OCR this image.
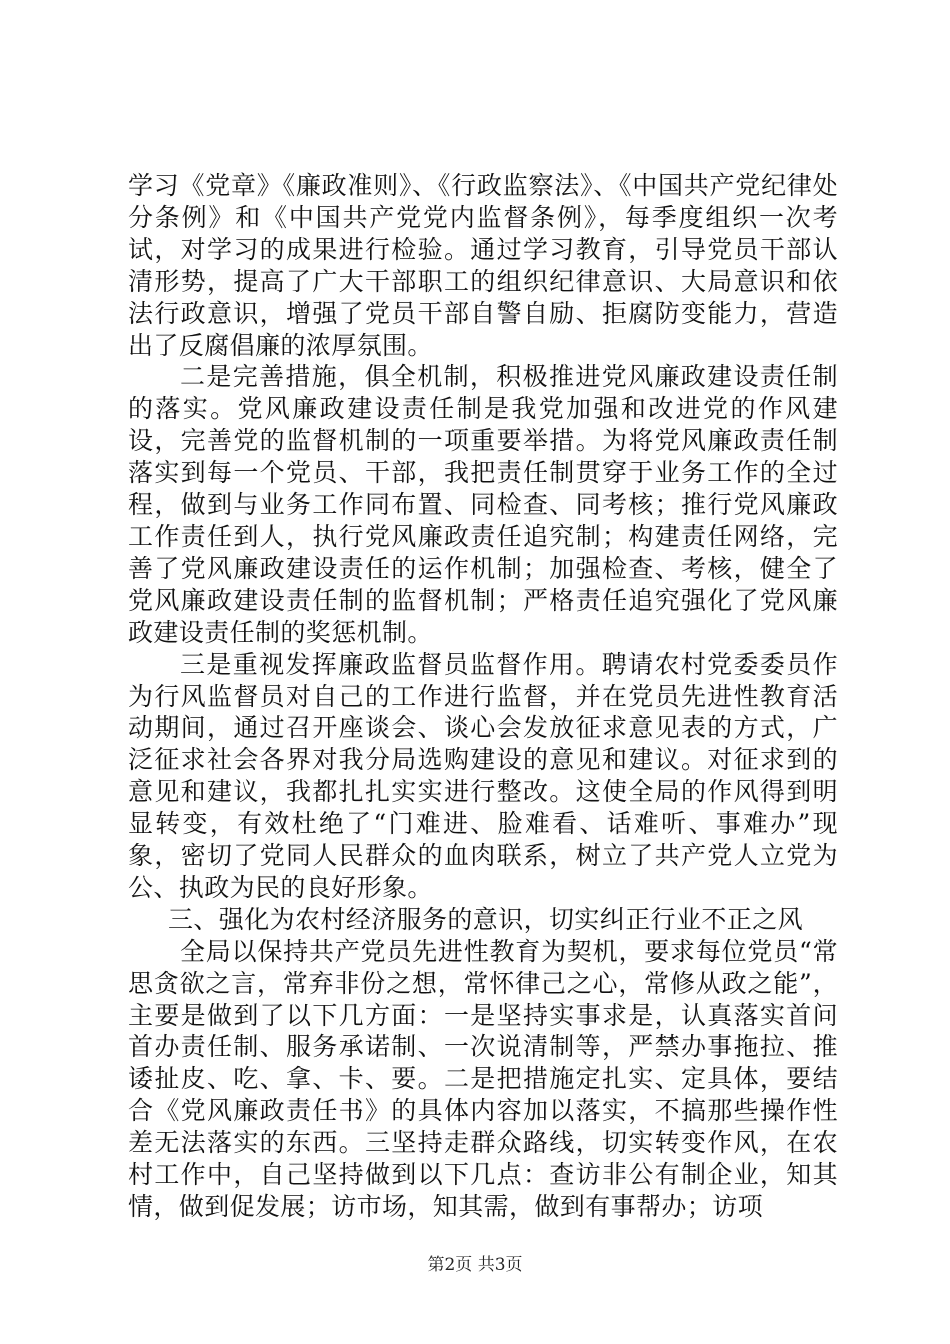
学习《党章》《廉政准则》、《行政监察法》、《中国共产党纪律处分条例》和《中国共产党党内监督条例》，每季度组织一次考试，对学习的成果进行检验。通过学习教育，引导党员干部认清形势，提高了广大干部职工的组织纪律意识、大局意识和依法行政意识，增强了党员干部自警自励、拒腐防变能力，营造出了反腐倡廉的浓厚氛围。

二是完善措施，俱全机制，积极推进党风廉政建设责任制的落实。党风廉政建设责任制是我党加强和改进党的作风建设，完善党的监督机制的一项重要举措。为将党风廉政责任制落实到每一个党员、干部，我把责任制贯穿于业务工作的全过程，做到与业务工作同布置、同检查、同考核；推行党风廉政工作责任到人，执行党风廉政责任追究制；构建责任网络，完善了党风廉政建设责任的运作机制；加强检查、考核，健全了党风廉政建设责任制的监督机制；严格责任追究强化了党风廉政建设责任制的奖惩机制。

三是重视发挥廉政监督员监督作用。聘请农村党委委员作为行风监督员对自己的工作进行监督，并在党员先进性教育活动期间，通过召开座谈会、谈心会发放征求意见表的方式，广泛征求社会各界对我分局选购建设的意见和建议。对征求到的意见和建议，我都扎扎实实进行整改。这使全局的作风得到明显转变，有效杜绝了“门难进、脸难看、话难听、事难办”现象，密切了党同人民群众的血肉联系，树立了共产党人立党为公、执政为民的良好形象。

三、强化为农村经济服务的意识，切实纠正行业不正之风

全局以保持共产党员先进性教育为契机，要求每位党员“常思贪欲之言，常弃非份之想，常怀律己之心，常修从政之能”，主要是做到了以下几方面：一是坚持实事求是，认真落实首问首办责任制、服务承诺制、一次说清制等，严禁办事拖拉、推诿扯皮、吃、拿、卡、要。二是把措施定扎实、定具体，要结合《党风廉政责任书》的具体内容加以落实，不搞那些操作性差无法落实的东西。三坚持走群众路线，切实转变作风，在农村工作中，自己坚持做到以下几点：查访非公有制企业，知其情，做到促发展；访市场，知其需，做到有事帮办；访项

第2页 共3页
